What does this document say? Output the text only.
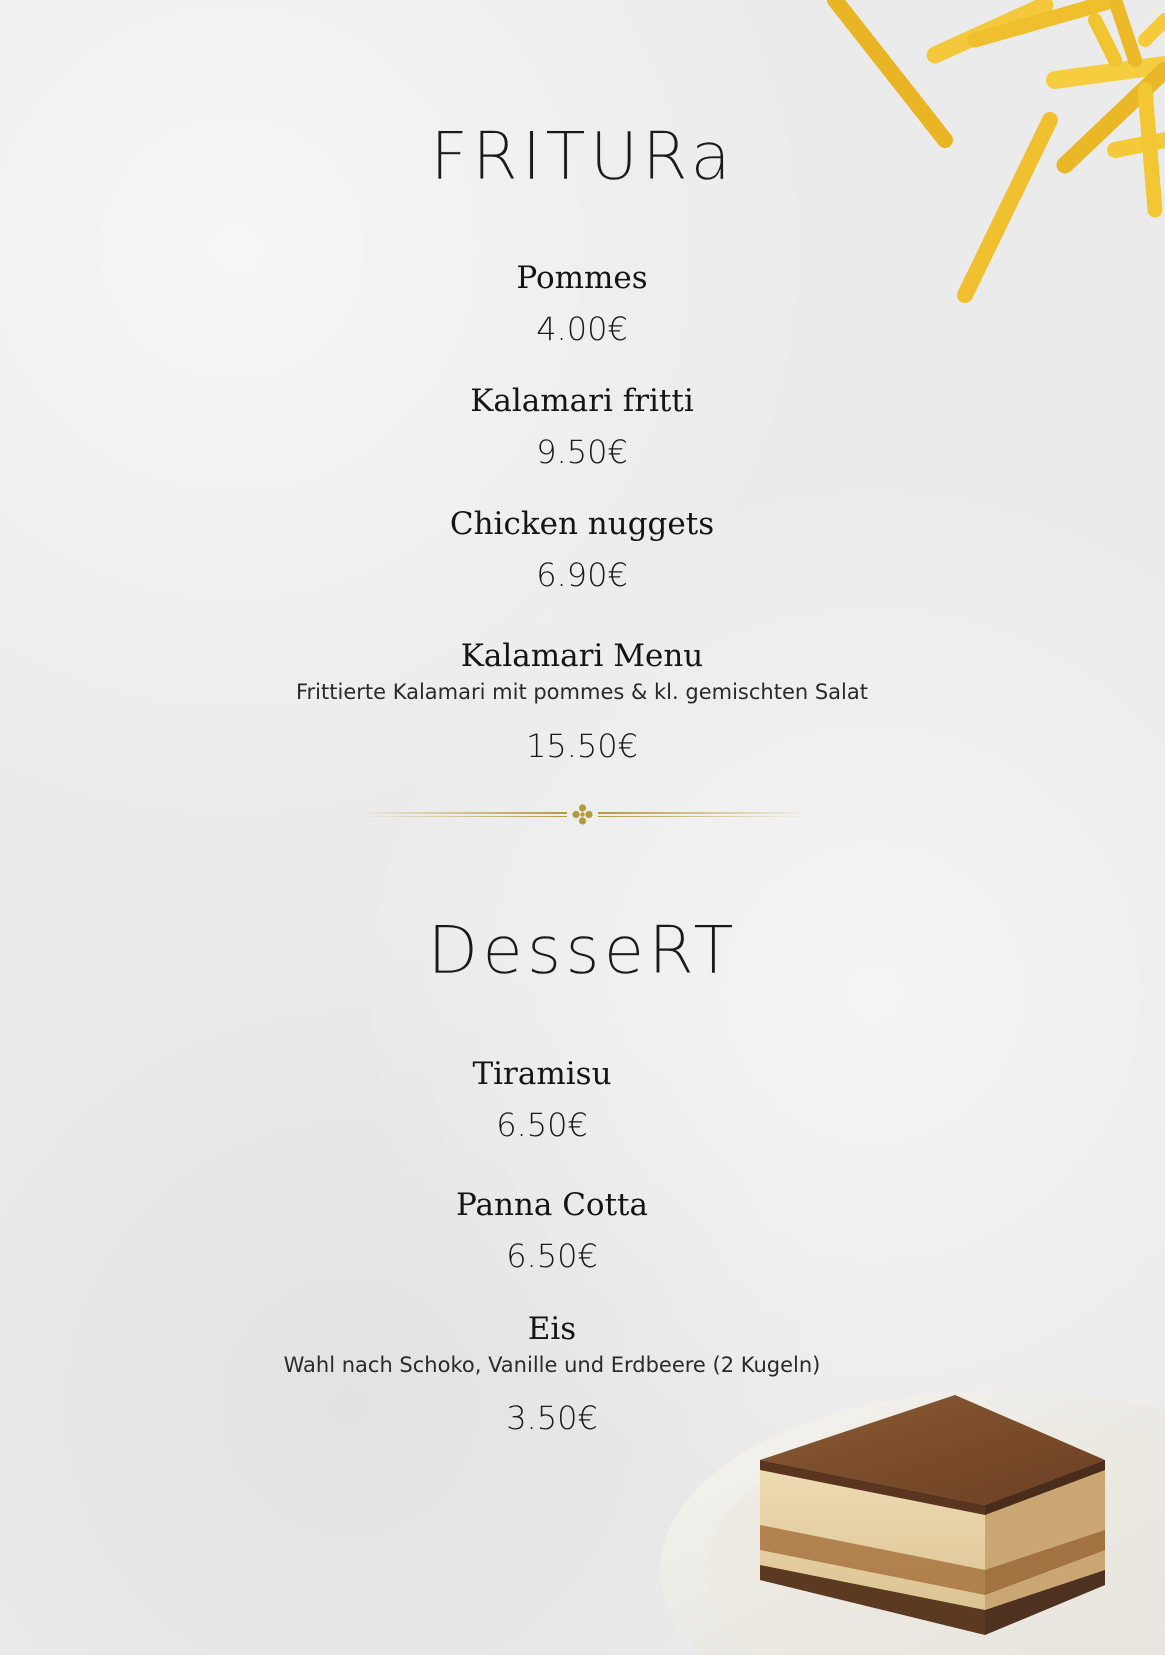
FRITURa
Pommes
4.00€
Kalamari fritti
9.50€
Chicken nuggets
6.90€
Kalamari Menu
Frittierte Kalamari mit pommes & kl. gemischten Salat
15.50€
DesseRT
Tiramisu
6.50€
Panna Cotta
6.50€
Eis
Wahl nach Schoko, Vanille und Erdbeere (2 Kugeln)
3.50€
